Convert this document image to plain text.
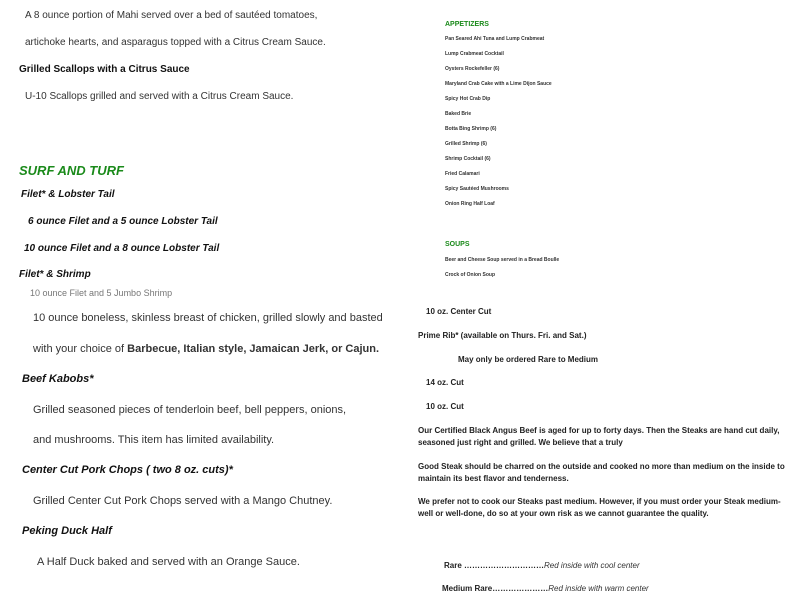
A 8 ounce portion of Mahi served over a bed of sautéed tomatoes,
artichoke hearts, and asparagus topped with a Citrus Cream Sauce.
Grilled Scallops with a Citrus Sauce
U-10 Scallops grilled and served with a Citrus Cream Sauce.
SURF AND TURF
Filet* & Lobster Tail
6 ounce Filet and a 5 ounce Lobster Tail
10 ounce Filet and a 8 ounce Lobster Tail
Filet* & Shrimp
10 ounce Filet and 5 Jumbo Shrimp
APPETIZERS
Pan Seared Ahi Tuna and Lump Crabmeat
Lump Crabmeat Cocktail
Oysters Rockefeller (6)
Maryland Crab Cake with a Lime Dijon Sauce
Spicy Hot Crab Dip
Baked Brie
Botta Bing Shrimp (6)
Grilled Shrimp (6)
Shrimp Cocktail (6)
Fried Calamari
Spicy Sautéed Mushrooms
Onion Ring Half Loaf
SOUPS
Beer and Cheese Soup served in a Bread Boulle
Crock of Onion Soup
10 ounce boneless, skinless breast of chicken, grilled slowly and basted
with your choice of Barbecue, Italian style, Jamaican Jerk, or Cajun.
Beef Kabobs*
Grilled seasoned pieces of tenderloin beef, bell peppers, onions,
and mushrooms. This item has limited availability.
Center Cut Pork Chops ( two 8 oz. cuts)*
Grilled Center Cut Pork Chops served with a Mango Chutney.
Peking Duck Half
A Half Duck baked and served with an Orange Sauce.
10 oz. Center Cut
Prime Rib* (available on Thurs. Fri. and Sat.)
May only be ordered Rare to Medium
14 oz. Cut
10 oz. Cut
Our Certified Black Angus Beef is aged for up to forty days. Then the Steaks are hand cut daily, seasoned just right and grilled. We believe that a truly
Good Steak should be charred on the outside and cooked no more than medium on the inside to maintain its best flavor and tenderness.
We prefer not to cook our Steaks past medium. However, if you must order your Steak medium-well or well-done, do so at your own risk as we cannot guarantee the quality.
Rare …………………………Red inside with cool center
Medium Rare…………………Red inside with warm center
